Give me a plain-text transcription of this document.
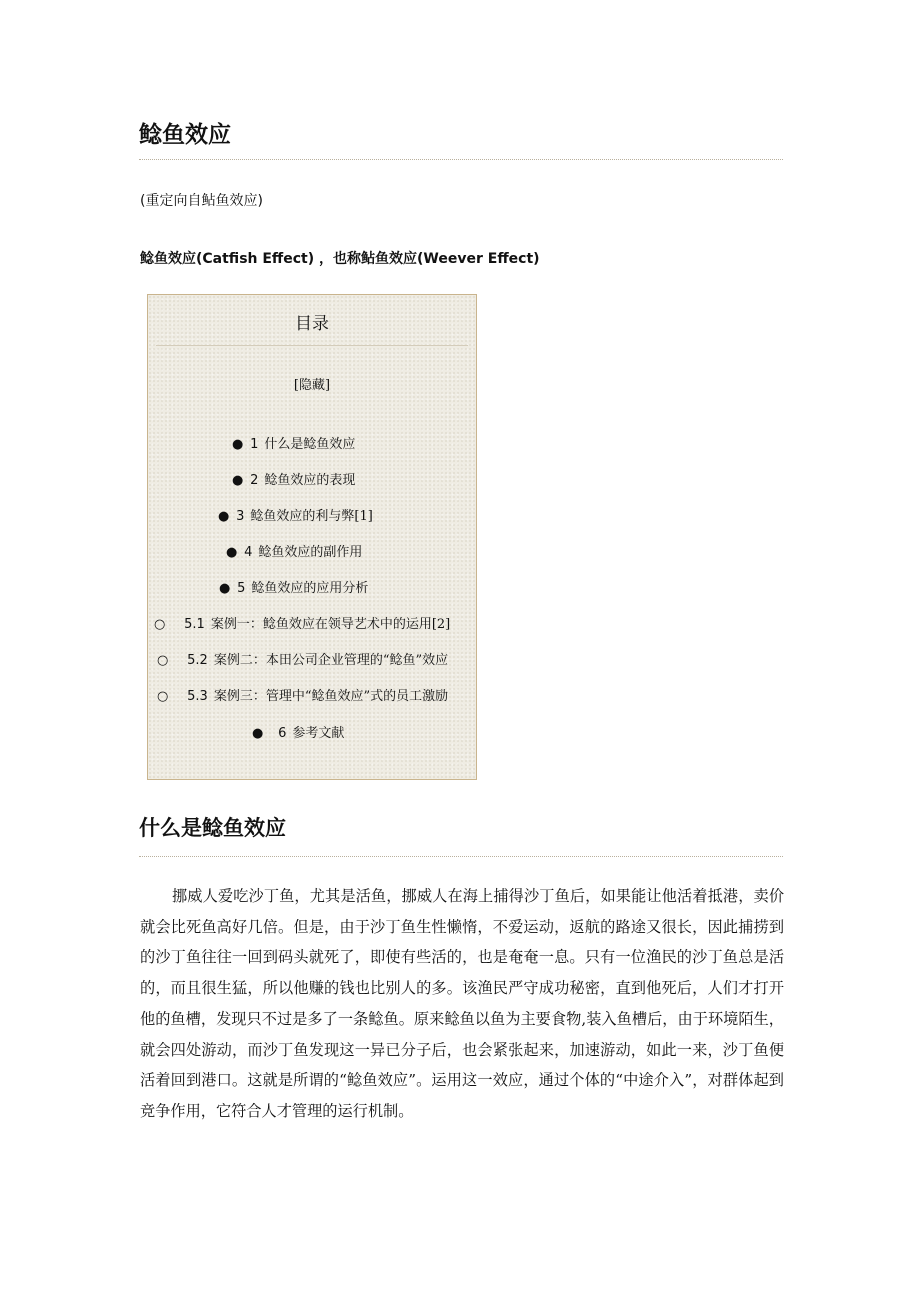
鲶鱼效应
(重定向自鲇鱼效应)
鲶鱼效应(Catfish Effect) ，也称鲇鱼效应(Weever Effect)
目录
[隐藏]
● 1 什么是鲶鱼效应
● 2 鲶鱼效应的表现
● 3 鲶鱼效应的利与弊[1]
● 4 鲶鱼效应的副作用
● 5 鲶鱼效应的应用分析
○ 5.1 案例一：鲶鱼效应在领导艺术中的运用[2]
○ 5.2 案例二：本田公司企业管理的“鲶鱼”效应
○ 5.3 案例三：管理中“鲶鱼效应”式的员工激励
● 6 参考文献
什么是鲶鱼效应

挪威人爱吃沙丁鱼，尤其是活鱼，挪威人在海上捕得沙丁鱼后，如果能让他活着抵港，卖价就会比死鱼高好几倍。但是，由于沙丁鱼生性懒惰，不爱运动，返航的路途又很长，因此捕捞到的沙丁鱼往往一回到码头就死了，即使有些活的，也是奄奄一息。只有一位渔民的沙丁鱼总是活的，而且很生猛，所以他赚的钱也比别人的多。该渔民严守成功秘密，直到他死后，人们才打开他的鱼槽，发现只不过是多了一条鲶鱼。原来鲶鱼以鱼为主要食物,装入鱼槽后，由于环境陌生，就会四处游动，而沙丁鱼发现这一异已分子后，也会紧张起来，加速游动，如此一来，沙丁鱼便活着回到港口。这就是所谓的“鲶鱼效应”。运用这一效应，通过个体的“中途介入”，对群体起到竞争作用，它符合人才管理的运行机制。
